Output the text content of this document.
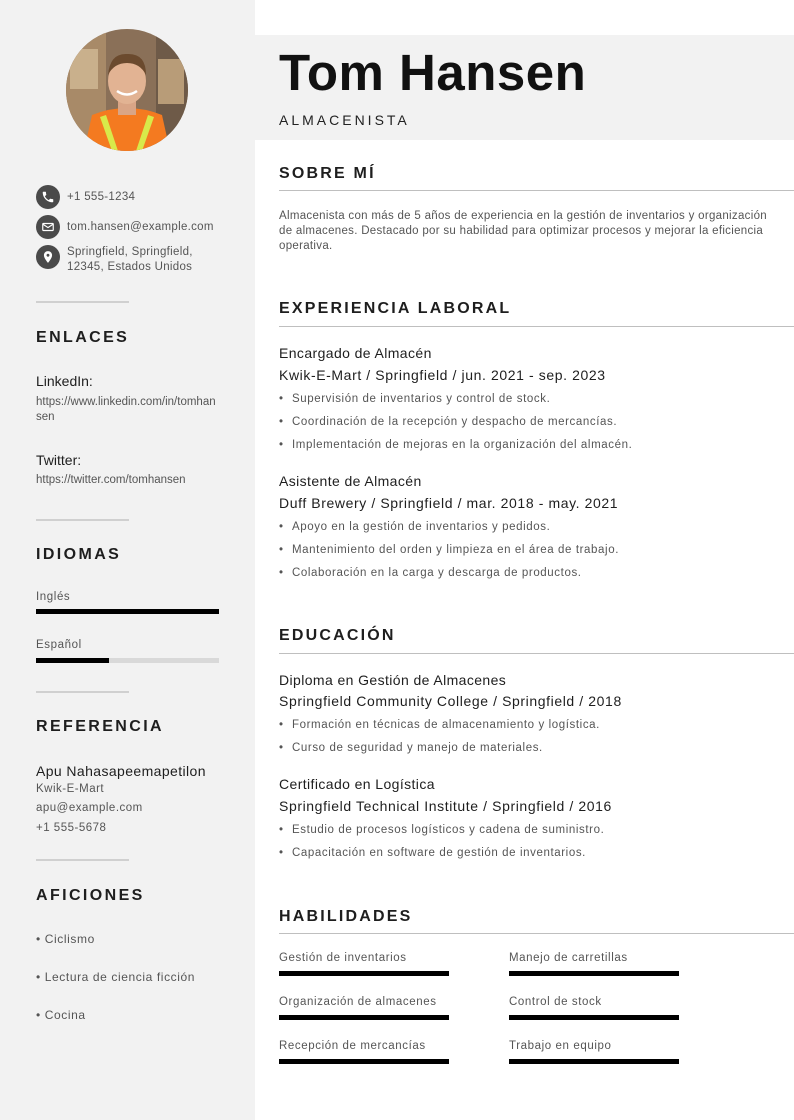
+1 555-1234
tom.hansen@example.com
Springfield, Springfield,
12345, Estados Unidos
ENLACES
LinkedIn:
https://www.linkedin.com/in/tomhansen
Twitter:
https://twitter.com/tomhansen
IDIOMAS
Inglés
Español
REFERENCIA
Apu Nahasapeemapetilon
Kwik-E-Mart
apu@example.com
+1 555-5678
AFICIONES
• Ciclismo
• Lectura de ciencia ficción
• Cocina
Tom Hansen
ALMACENISTA
SOBRE MÍ
Almacenista con más de 5 años de experiencia en la gestión de inventarios y organización de almacenes. Destacado por su habilidad para optimizar procesos y mejorar la eficiencia operativa.
EXPERIENCIA LABORAL
Encargado de Almacén
Kwik-E-Mart / Springfield / jun. 2021 - sep. 2023
• Supervisión de inventarios y control de stock.
• Coordinación de la recepción y despacho de mercancías.
• Implementación de mejoras en la organización del almacén.
Asistente de Almacén
Duff Brewery / Springfield / mar. 2018 - may. 2021
• Apoyo en la gestión de inventarios y pedidos.
• Mantenimiento del orden y limpieza en el área de trabajo.
• Colaboración en la carga y descarga de productos.
EDUCACIÓN
Diploma en Gestión de Almacenes
Springfield Community College / Springfield / 2018
• Formación en técnicas de almacenamiento y logística.
• Curso de seguridad y manejo de materiales.
Certificado en Logística
Springfield Technical Institute / Springfield / 2016
• Estudio de procesos logísticos y cadena de suministro.
• Capacitación en software de gestión de inventarios.
HABILIDADES
Gestión de inventarios	Manejo de carretillas
Organización de almacenes	Control de stock
Recepción de mercancías	Trabajo en equipo
